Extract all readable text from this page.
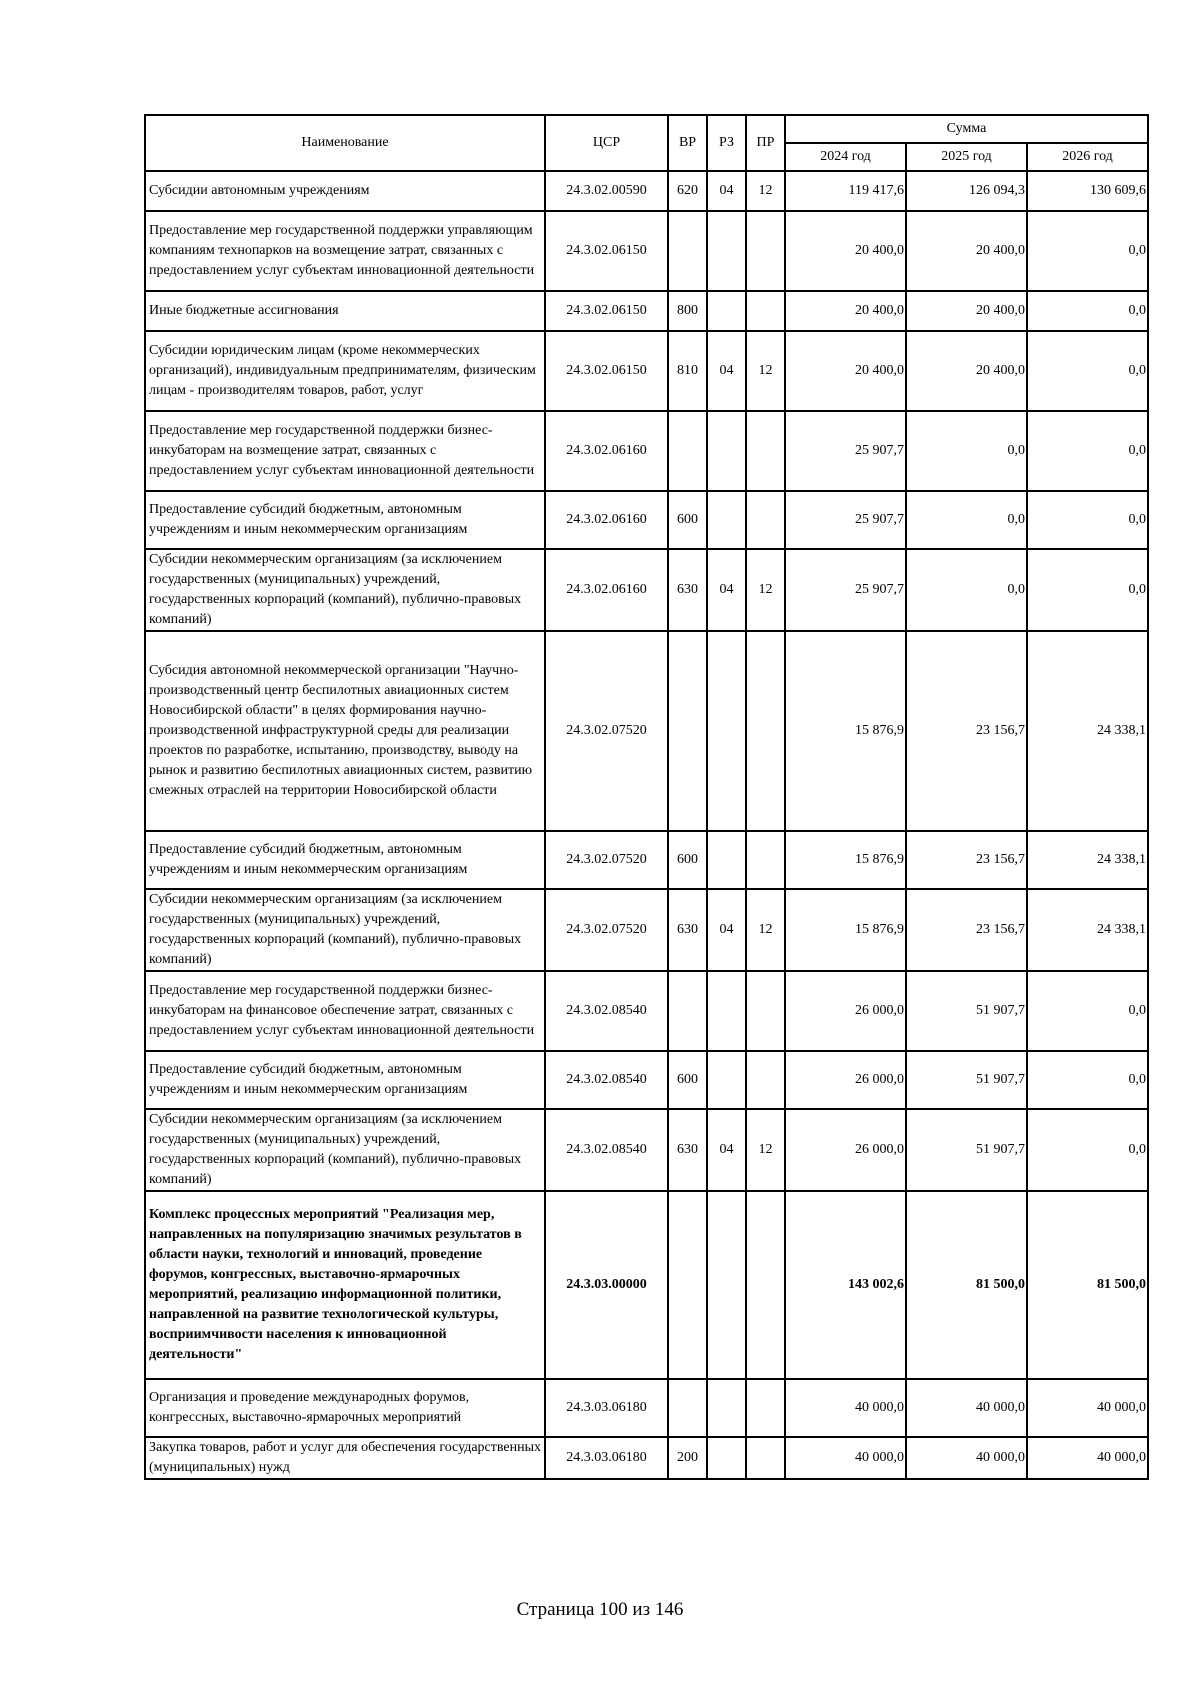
Наименование	ЦСР	ВР	РЗ	ПР	Сумма		
					2024 год	2025 год	2026 год
Субсидии автономным учреждениям	24.3.02.00590	620	04	12	119 417,6	126 094,3	130 609,6
Предоставление мер государственной поддержки управляющим компаниям технопарков на возмещение затрат, связанных с предоставлением услуг субъектам инновационной деятельности	24.3.02.06150				20 400,0	20 400,0	0,0
Иные бюджетные ассигнования	24.3.02.06150	800			20 400,0	20 400,0	0,0
Субсидии юридическим лицам (кроме некоммерческих организаций), индивидуальным предпринимателям, физическим лицам - производителям товаров, работ, услуг	24.3.02.06150	810	04	12	20 400,0	20 400,0	0,0
Предоставление мер государственной поддержки бизнес-инкубаторам на возмещение затрат, связанных с предоставлением услуг субъектам инновационной деятельности	24.3.02.06160				25 907,7	0,0	0,0
Предоставление субсидий бюджетным, автономным учреждениям и иным некоммерческим организациям	24.3.02.06160	600			25 907,7	0,0	0,0
Субсидии некоммерческим организациям (за исключением государственных (муниципальных) учреждений, государственных корпораций (компаний), публично-правовых компаний)	24.3.02.06160	630	04	12	25 907,7	0,0	0,0
Субсидия автономной некоммерческой организации "Научно-производственный центр беспилотных авиационных систем Новосибирской области" в целях формирования научно-производственной инфраструктурной среды для реализации проектов по разработке, испытанию, производству, выводу на рынок и развитию беспилотных авиационных систем, развитию смежных отраслей на территории Новосибирской области	24.3.02.07520				15 876,9	23 156,7	24 338,1
Предоставление субсидий бюджетным, автономным учреждениям и иным некоммерческим организациям	24.3.02.07520	600			15 876,9	23 156,7	24 338,1
Субсидии некоммерческим организациям (за исключением государственных (муниципальных) учреждений, государственных корпораций (компаний), публично-правовых компаний)	24.3.02.07520	630	04	12	15 876,9	23 156,7	24 338,1
Предоставление мер государственной поддержки бизнес-инкубаторам на финансовое обеспечение затрат, связанных с предоставлением услуг субъектам инновационной деятельности	24.3.02.08540				26 000,0	51 907,7	0,0
Предоставление субсидий бюджетным, автономным учреждениям и иным некоммерческим организациям	24.3.02.08540	600			26 000,0	51 907,7	0,0
Субсидии некоммерческим организациям (за исключением государственных (муниципальных) учреждений, государственных корпораций (компаний), публично-правовых компаний)	24.3.02.08540	630	04	12	26 000,0	51 907,7	0,0
Комплекс процессных мероприятий "Реализация мер, направленных на популяризацию значимых результатов в области науки, технологий и инноваций, проведение форумов, конгрессных, выставочно-ярмарочных мероприятий, реализацию информационной политики, направленной на развитие технологической культуры, восприимчивости населения к инновационной деятельности"	24.3.03.00000				143 002,6	81 500,0	81 500,0
Организация и проведение международных форумов, конгрессных, выставочно-ярмарочных мероприятий	24.3.03.06180				40 000,0	40 000,0	40 000,0
Закупка товаров, работ и услуг для обеспечения государственных (муниципальных) нужд	24.3.03.06180	200			40 000,0	40 000,0	40 000,0
Страница 100 из 146
